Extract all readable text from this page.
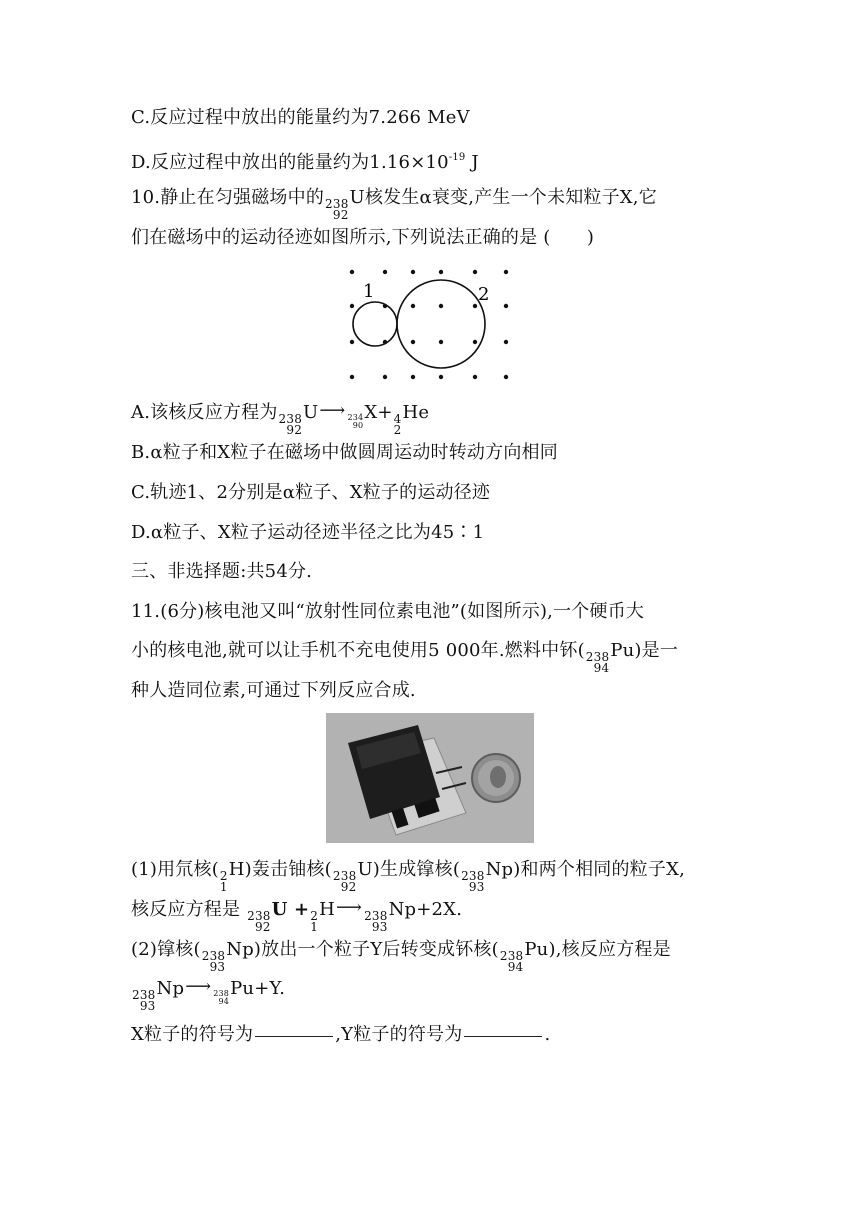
C.反应过程中放出的能量约为7.266 MeV
D.反应过程中放出的能量约为$1.16\times 10^{-19}$ J
10.静止在匀强磁场中的 238
92
U核发生α衰变,产生一个未知粒子X,它
们在磁场中的运动径迹如图所示,下列说法正确的是 (　　)
1	2
A.该核反应方程为 238
92
U⟶ 234
90
X+ 4
2
He
B.α粒子和X粒子在磁场中做圆周运动时转动方向相同
C.轨迹1、2分别是α粒子、X粒子的运动径迹
D.α粒子、X粒子运动径迹半径之比为45∶1
三、非选择题:共54分.
11.(6分)核电池又叫“放射性同位素电池”(如图所示),一个硬币大
小的核电池,就可以让手机不充电使用5 000年.燃料中钚( 238
94
Pu)是一
种人造同位素,可通过下列反应合成.
(1)用氘核( 2
1
H)轰击铀核( 238
92
U)生成镎核( 238
93
Np)和两个相同的粒子X,
核反应方程是 238
92
U + 2
1
H⟶ 238
93
Np+2X.
(2)镎核( 238
93
Np)放出一个粒子Y后转变成钚核( 238
94
Pu),核反应方程是
238
93
Np⟶ 238
94
Pu+Y.
X粒子的符号为	,Y粒子的符号为	.
